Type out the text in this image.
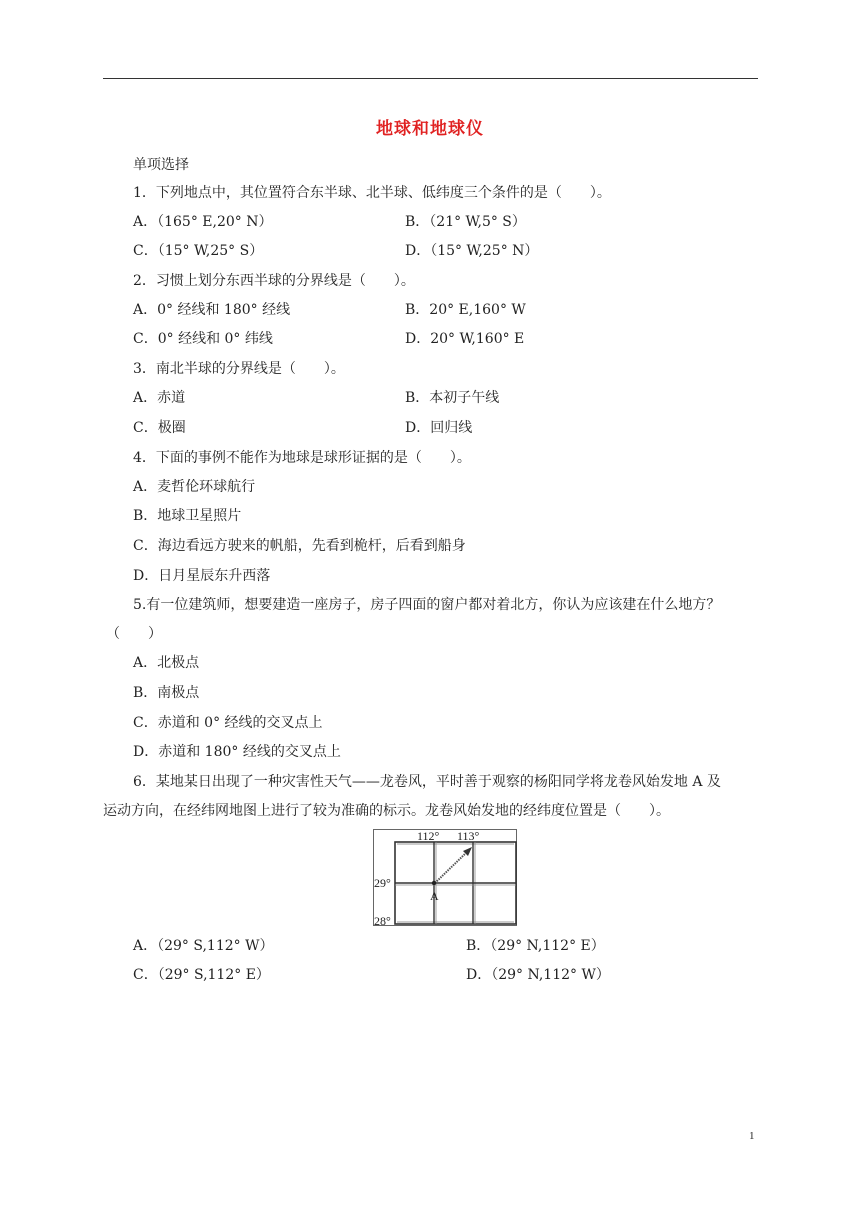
地球和地球仪
单项选择
1．下列地点中，其位置符合东半球、北半球、低纬度三个条件的是（　　）。
A．（165° E,20° N）	B．（21° W,5° S）
C．（15° W,25° S）	D．（15° W,25° N）
2．习惯上划分东西半球的分界线是（　　）。
A．0° 经线和 180° 经线	B．20° E,160° W
C．0° 经线和 0° 纬线	D．20° W,160° E
3．南北半球的分界线是（　　）。
A．赤道	B．本初子午线
C．极圈	D．回归线
4．下面的事例不能作为地球是球形证据的是（　　）。
A．麦哲伦环球航行
B．地球卫星照片
C．海边看远方驶来的帆船，先看到桅杆，后看到船身
D．日月星辰东升西落
5.有一位建筑师，想要建造一座房子，房子四面的窗户都对着北方，你认为应该建在什么地方？
（　　）
A．北极点
B．南极点
C．赤道和 0° 经线的交叉点上
D．赤道和 180° 经线的交叉点上
6．某地某日出现了一种灾害性天气——龙卷风，平时善于观察的杨阳同学将龙卷风始发地 A 及
运动方向，在经纬网地图上进行了较为准确的标示。龙卷风始发地的经纬度位置是（　　）。
112° 113°
29°
28°
A
A．（29° S,112° W）	B．（29° N,112° E）
C．（29° S,112° E）	D．（29° N,112° W）
1
